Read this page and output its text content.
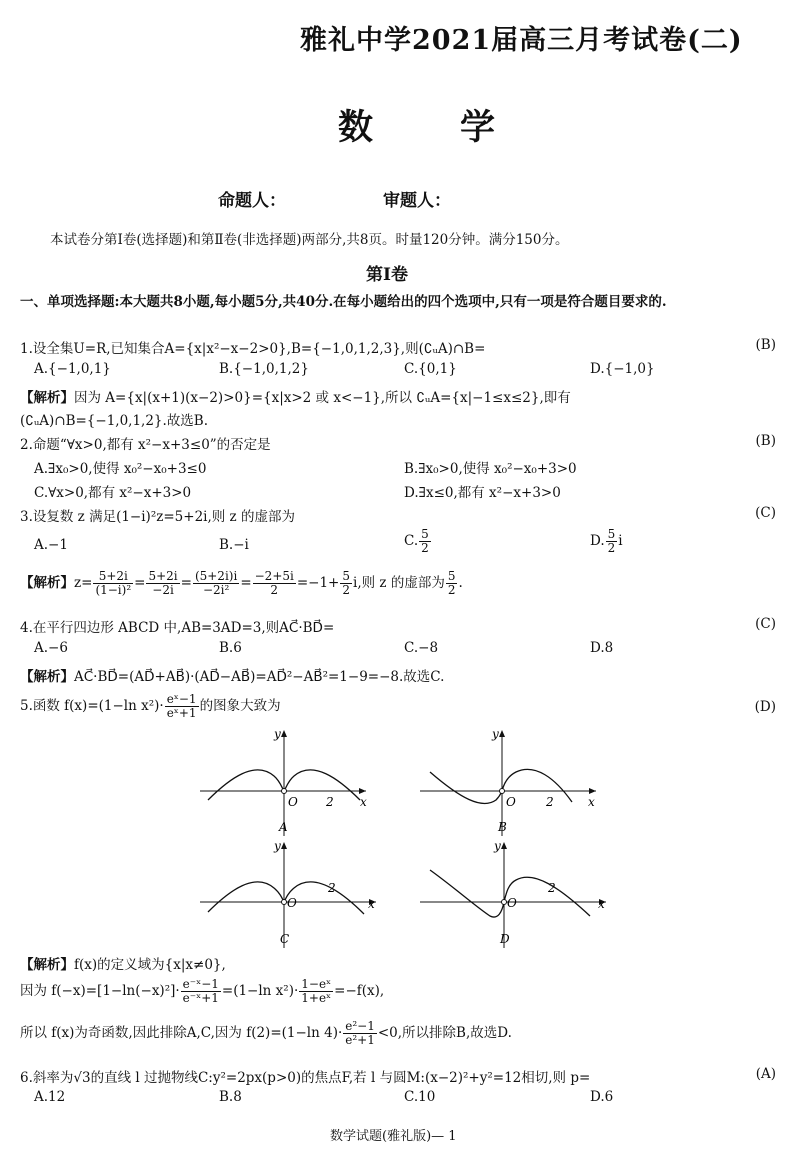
雅礼中学2021届高三月考试卷(二)
数　学
命题人：	审题人：
本试卷分第Ⅰ卷(选择题)和第Ⅱ卷(非选择题)两部分,共8页。时量120分钟。满分150分。
第Ⅰ卷
一、单项选择题:本大题共8小题,每小题5分,共40分.在每小题给出的四个选项中,只有一项是符合题目要求的.
1.设全集U=R,已知集合A={x|x²−x−2>0},B={−1,0,1,2,3},则(∁ᵤA)∩B=	(B)
A.{−1,0,1}	B.{−1,0,1,2}	C.{0,1}	D.{−1,0}
【解析】因为 A={x|(x+1)(x−2)>0}={x|x>2 或 x<−1},所以 ∁ᵤA={x|−1≤x≤2},即有
(∁ᵤA)∩B={−1,0,1,2}.故选B.
2.命题“∀x>0,都有 x²−x+3≤0”的否定是	(B)
A.∃x₀>0,使得 x₀²−x₀+3≤0	B.∃x₀>0,使得 x₀²−x₀+3>0
C.∀x>0,都有 x²−x+3>0	D.∃x≤0,都有 x²−x+3>0
3.设复数 z 满足(1−i)²z=5+2i,则 z 的虚部为	(C)
A.−1	B.−i	C. $\frac{5}{2}$	D. $\frac{5}{2}$ i
【解析】$z= \frac{5+2i}{\text{(1−i)²}} = \frac{5+2i}{-2i} = \frac{(5+2i)i}{\text{−2i²}} = \frac{-2+5i}{2} =-1+ \frac{5}{2} i$,则 z 的虚部为 $\frac{5}{2}$ .
4.在平行四边形 ABCD 中,AB=3AD=3,则AC⃗·BD⃗=	(C)
A.−6	B.6	C.−8	D.8
【解析】AC⃗·BD⃗=(AD⃗+AB⃗)·(AD⃗−AB⃗)=AD⃗²−AB⃗²=1−9=−8.故选C.
5.函数 f(x)=(1−ln $x^2)\cdot \frac{\text{eˣ−1}}{\text{eˣ+1}}$ 的图象大致为	(D)
y
x
O 2
A
y
x
O	2
B
y
x
O
2
C
y
x
O
2
D
【解析】f(x)的定义域为{x|x≠0},
因为 $f(-x)=[1-\ln(-x)^2]\cdot \frac{\text{e⁻ˣ−1}}{\text{e⁻ˣ+1}} =(1-\ln$ $x^2)\cdot \frac{\text{1−eˣ}}{\text{1+eˣ}} =-f(x)$,
所以 f(x)为奇函数,因此排除A,C,因为 f(2)=(1−ln $4)\cdot \frac{\text{e²−1}}{\text{e²+1}} <0$,所以排除B,故选D.
6.斜率为√3的直线 l 过抛物线C:y²=2px(p>0)的焦点F,若 l 与圆M:(x−2)²+y²=12相切,则 p=	(A)
A.12	B.8	C.10	D.6
数学试题(雅礼版)— 1
